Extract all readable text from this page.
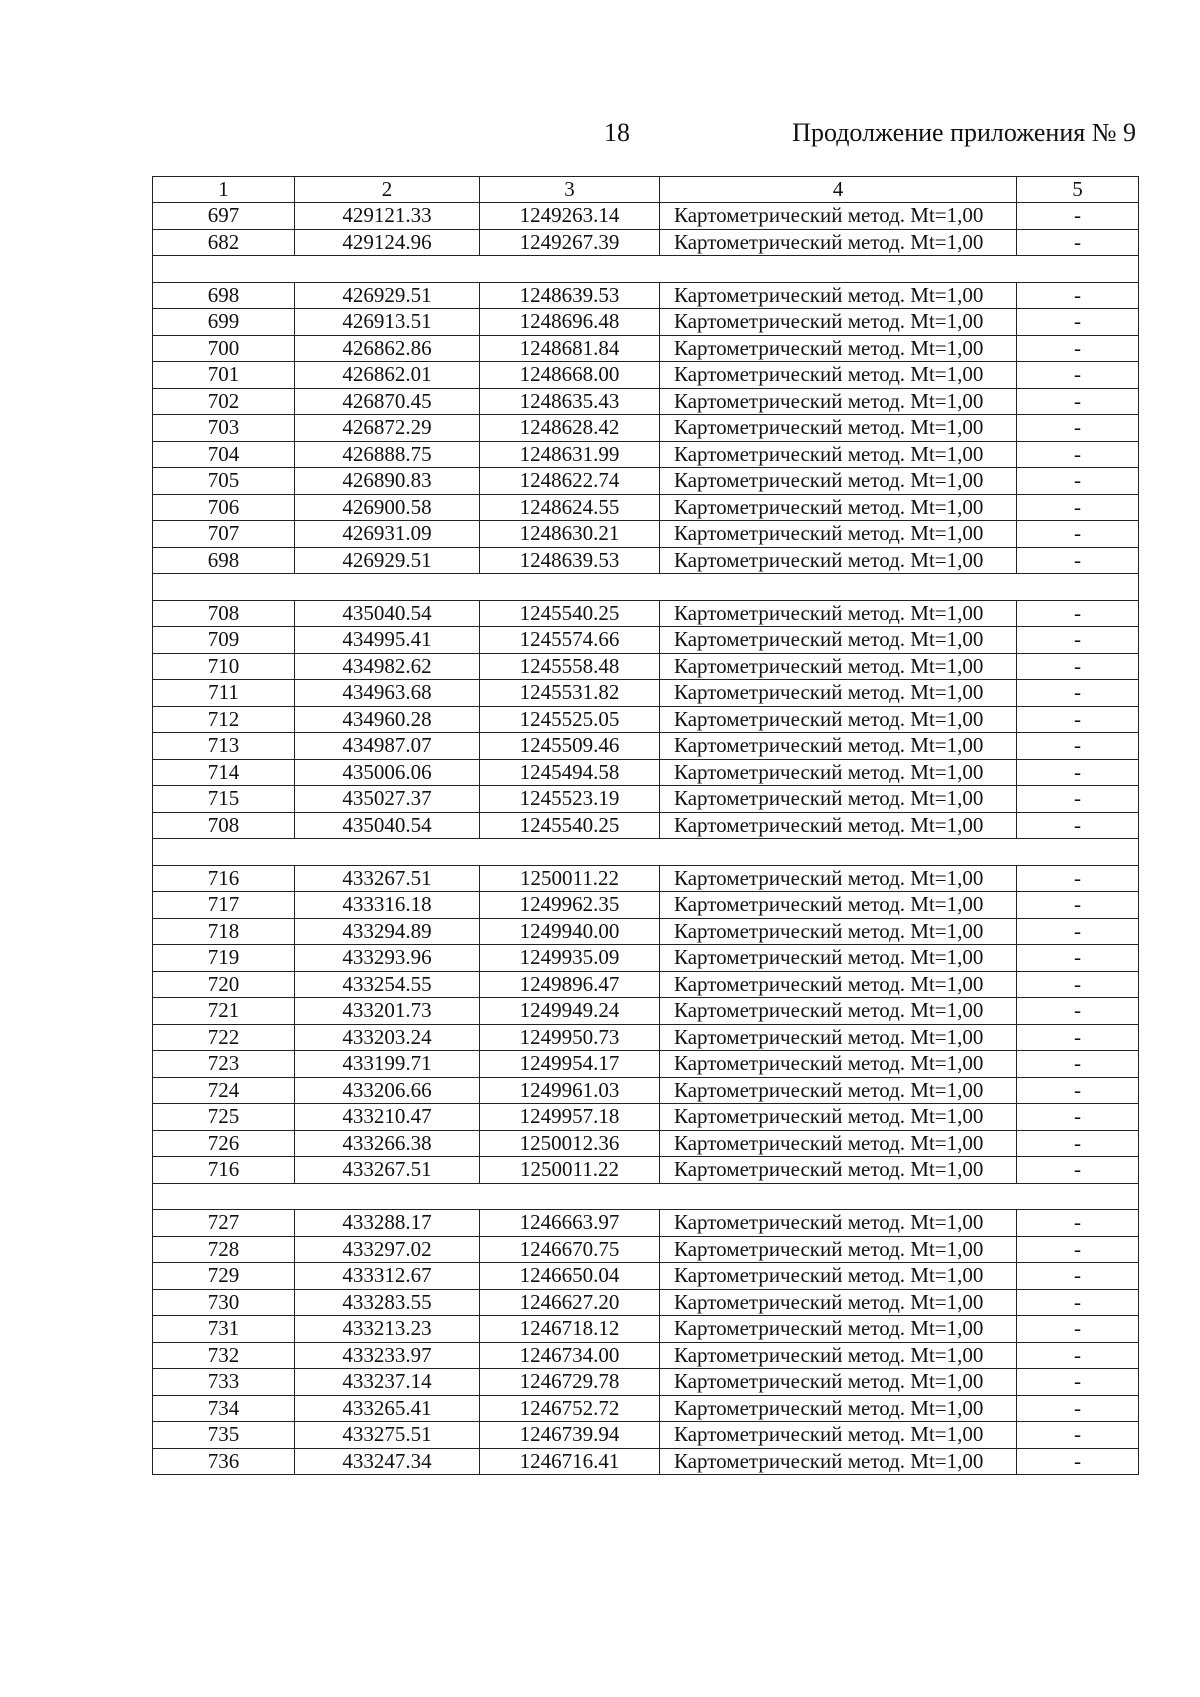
18	Продолжение приложения № 9
1	2	3	4	5
697	429121.33	1249263.14	Картометрический метод. Mt=1,00	-
682	429124.96	1249267.39	Картометрический метод. Mt=1,00	-

698	426929.51	1248639.53	Картометрический метод. Mt=1,00	-
699	426913.51	1248696.48	Картометрический метод. Mt=1,00	-
700	426862.86	1248681.84	Картометрический метод. Mt=1,00	-
701	426862.01	1248668.00	Картометрический метод. Mt=1,00	-
702	426870.45	1248635.43	Картометрический метод. Mt=1,00	-
703	426872.29	1248628.42	Картометрический метод. Mt=1,00	-
704	426888.75	1248631.99	Картометрический метод. Mt=1,00	-
705	426890.83	1248622.74	Картометрический метод. Mt=1,00	-
706	426900.58	1248624.55	Картометрический метод. Mt=1,00	-
707	426931.09	1248630.21	Картометрический метод. Mt=1,00	-
698	426929.51	1248639.53	Картометрический метод. Mt=1,00	-

708	435040.54	1245540.25	Картометрический метод. Mt=1,00	-
709	434995.41	1245574.66	Картометрический метод. Mt=1,00	-
710	434982.62	1245558.48	Картометрический метод. Mt=1,00	-
711	434963.68	1245531.82	Картометрический метод. Mt=1,00	-
712	434960.28	1245525.05	Картометрический метод. Mt=1,00	-
713	434987.07	1245509.46	Картометрический метод. Mt=1,00	-
714	435006.06	1245494.58	Картометрический метод. Mt=1,00	-
715	435027.37	1245523.19	Картометрический метод. Mt=1,00	-
708	435040.54	1245540.25	Картометрический метод. Mt=1,00	-

716	433267.51	1250011.22	Картометрический метод. Mt=1,00	-
717	433316.18	1249962.35	Картометрический метод. Mt=1,00	-
718	433294.89	1249940.00	Картометрический метод. Mt=1,00	-
719	433293.96	1249935.09	Картометрический метод. Mt=1,00	-
720	433254.55	1249896.47	Картометрический метод. Mt=1,00	-
721	433201.73	1249949.24	Картометрический метод. Mt=1,00	-
722	433203.24	1249950.73	Картометрический метод. Mt=1,00	-
723	433199.71	1249954.17	Картометрический метод. Mt=1,00	-
724	433206.66	1249961.03	Картометрический метод. Mt=1,00	-
725	433210.47	1249957.18	Картометрический метод. Mt=1,00	-
726	433266.38	1250012.36	Картометрический метод. Mt=1,00	-
716	433267.51	1250011.22	Картометрический метод. Mt=1,00	-

727	433288.17	1246663.97	Картометрический метод. Mt=1,00	-
728	433297.02	1246670.75	Картометрический метод. Mt=1,00	-
729	433312.67	1246650.04	Картометрический метод. Mt=1,00	-
730	433283.55	1246627.20	Картометрический метод. Mt=1,00	-
731	433213.23	1246718.12	Картометрический метод. Mt=1,00	-
732	433233.97	1246734.00	Картометрический метод. Mt=1,00	-
733	433237.14	1246729.78	Картометрический метод. Mt=1,00	-
734	433265.41	1246752.72	Картометрический метод. Mt=1,00	-
735	433275.51	1246739.94	Картометрический метод. Mt=1,00	-
736	433247.34	1246716.41	Картометрический метод. Mt=1,00	-
